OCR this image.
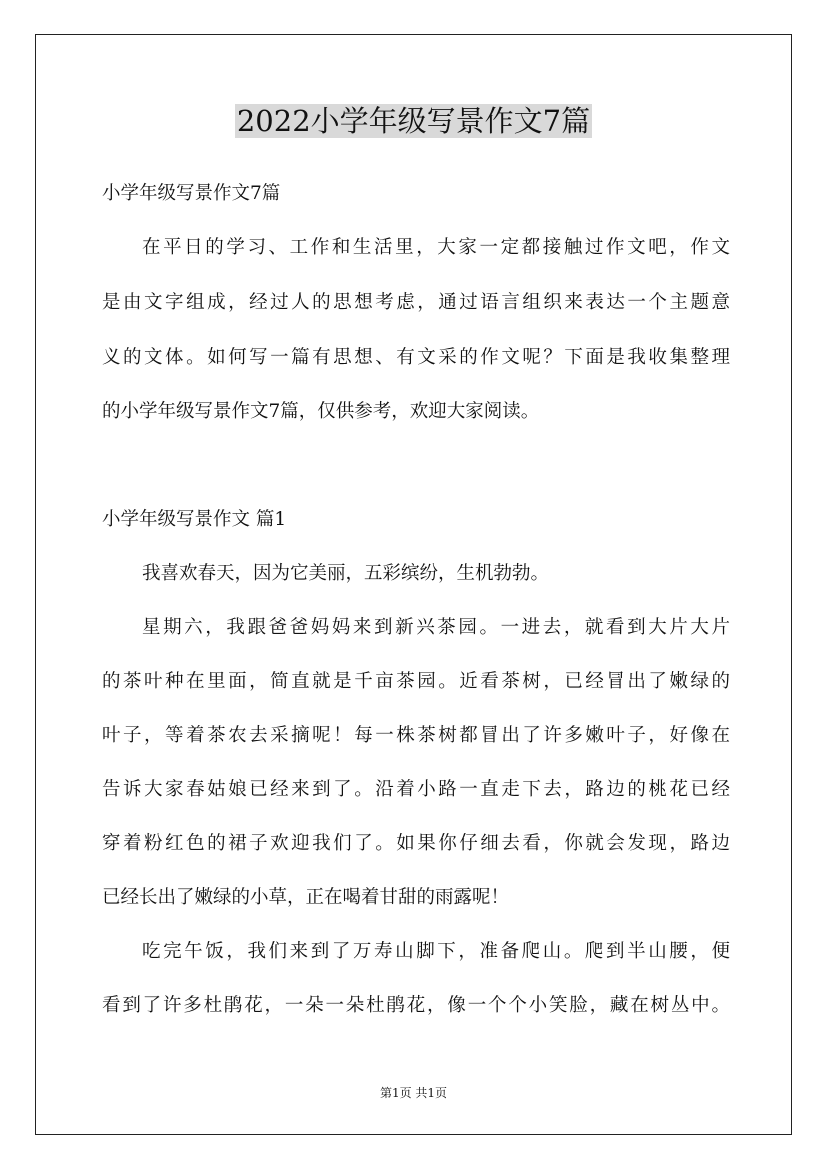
2022小学年级写景作文7篇

小学年级写景作文7篇

在平日的学习、工作和生活里，大家一定都接触过作文吧，作文

是由文字组成，经过人的思想考虑，通过语言组织来表达一个主题意

义的文体。如何写一篇有思想、有文采的作文呢？下面是我收集整理

的小学年级写景作文7篇，仅供参考，欢迎大家阅读。

小学年级写景作文 篇1

我喜欢春天，因为它美丽，五彩缤纷，生机勃勃。

星期六，我跟爸爸妈妈来到新兴茶园。一进去，就看到大片大片

的茶叶种在里面，简直就是千亩茶园。近看茶树，已经冒出了嫩绿的

叶子，等着茶农去采摘呢！每一株茶树都冒出了许多嫩叶子，好像在

告诉大家春姑娘已经来到了。沿着小路一直走下去，路边的桃花已经

穿着粉红色的裙子欢迎我们了。如果你仔细去看，你就会发现，路边

已经长出了嫩绿的小草，正在喝着甘甜的雨露呢！

吃完午饭，我们来到了万寿山脚下，准备爬山。爬到半山腰，便

看到了许多杜鹃花，一朵一朵杜鹃花，像一个个小笑脸，藏在树丛中。

第1页 共1页
